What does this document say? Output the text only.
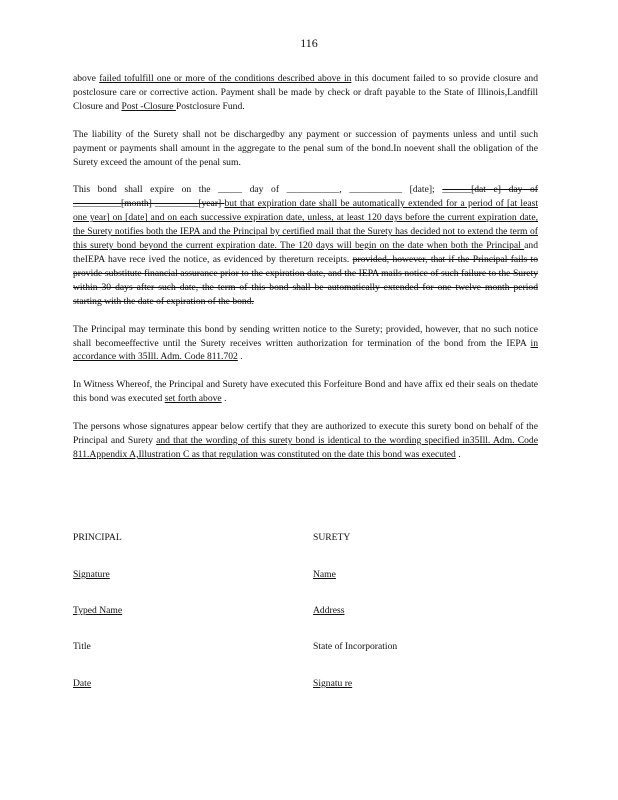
116

above failed tofulfill one or more of the conditions described above in this document failed to so provide closure and postclosure care or corrective action. Payment shall be made by check or draft payable to the State of Illinois,Landfill Closure and Post -Closure Postclosure Fund.

The liability of the Surety shall not be dischargedby any payment or succession of payments unless and until such payment or payments shall amount in the aggregate to the penal sum of the bond.In noevent shall the obligation of the Surety exceed the amount of the penal sum.

This bond shall expire on the _____ day of ___________, ___________ [date]; ______[dat e] day of __________[month] _________[year] but that expiration date shall be automatically extended for a period of [at least one year] on [date] and on each successive expiration date, unless, at least 120 days before the current expiration date, the Surety notifies both the IEPA and the Principal by certified mail that the Surety has decided not to extend the term of this surety bond beyond the current expiration date. The 120 days will begin on the date when both the Principal and theIEPA have rece ived the notice, as evidenced by thereturn receipts. provided, however, that if the Principal fails to provide substitute financial assurance prior to the expiration date, and the IEPA mails notice of such failure to the Surety within 30 days after such date, the term of this bond shall be automatically extended for one twelve month period starting with the date of expiration of the bond.

The Principal may terminate this bond by sending written notice to the Surety; provided, however, that no such notice shall becomeeffective until the Surety receives written authorization for termination of the bond from the IEPA in accordance with 35Ill. Adm. Code 811.702 .

In Witness Whereof, the Principal and Surety have executed this Forfeiture Bond and have affix ed their seals on thedate this bond was executed set forth above .

The persons whose signatures appear below certify that they are authorized to execute this surety bond on behalf of the Principal and Surety and that the wording of this surety bond is identical to the wording specified in35Ill. Adm. Code 811.Appendix A,Illustration C as that regulation was constituted on the date this bond was executed .

PRINCIPAL	SURETY
Signature	Name
Typed Name	Address
Title	State of Incorporation
Date	Signatu re
